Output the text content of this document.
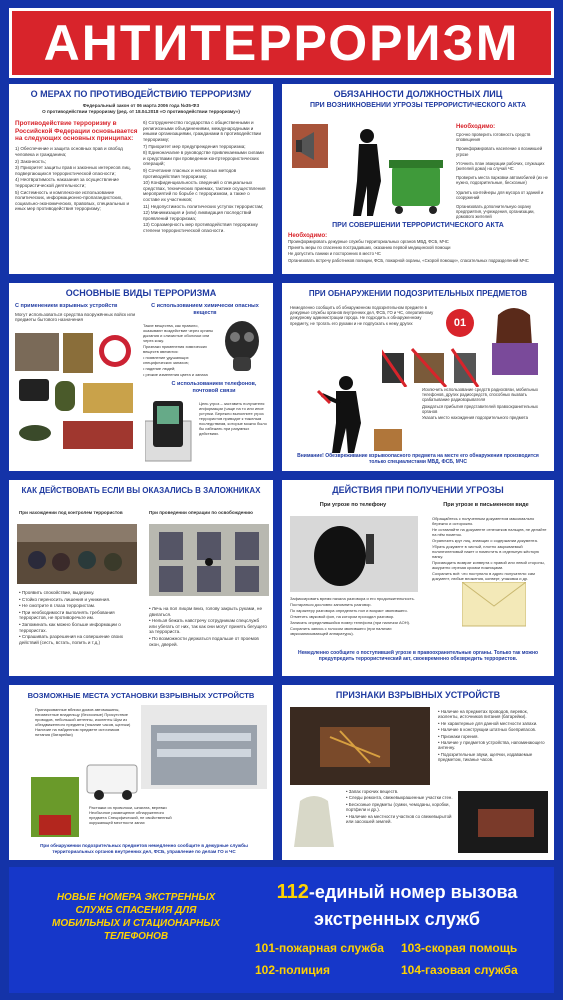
АНТИТЕРРОРИЗМ
О МЕРАХ ПО ПРОТИВОДЕЙСТВИЮ ТЕРРОРИЗМУ
Федеральный закон от 06 марта 2006 года №35-ФЗ
О противодействии терроризму (ред. от 18.04.2018 «О противодействии терроризму»)
Противодействие терроризму в Российской Федерации основывается на следующих основных принципах:

1) Обеспечение и защита основных прав и свобод человека и гражданина;

2) Законность;

3) Приоритет защиты прав и законных интересов лиц, подвергающихся террористической опасности;

4) Неотвратимость наказания за осуществление террористической деятельности;

5) Системность и комплексное использование политических, информационно-пропагандистских, социально-экономических, правовых, специальных и иных мер противодействия терроризму;

6) Сотрудничество государства с общественными и религиозными объединениями, международными и иными организациями, гражданами в противодействии терроризму;

7) Приоритет мер предупреждения терроризма;

8) Единоначалие в руководстве привлекаемыми силами и средствами при проведении контртеррористических операций;

9) Сочетание гласных и негласных методов противодействия терроризму;

10) Конфиденциальность сведений о специальных средствах, технических приемах, тактике осуществления мероприятий по борьбе с терроризмом, а также о составе их участников;

11) Недопустимость политических уступок террористам;

12) Минимизация и (или) ликвидация последствий проявлений терроризма;

13) Соразмерность мер противодействия терроризму степени террористической опасности.

ОБЯЗАННОСТИ ДОЛЖНОСТНЫХ ЛИЦ
ПРИ ВОЗНИКНОВЕНИИ УГРОЗЫ ТЕРРОРИСТИЧЕСКОГО АКТА
Необходимо:

Срочно проверить готовность средств оповещения

Проинформировать население о возникшей угрозе

Уточнить план эвакуации рабочих, служащих (жителей дома) на случай ЧС

Проверить места парковки автомобилей (их не нужно, подозрительные, бесхозные)

Удалить контейнеры для мусора от зданий и сооружений

Организовать дополнительную охрану предприятия, учреждения, организации, домового жителей

ПРИ СОВЕРШЕНИИ ТЕРРОРИСТИЧЕСКОГО АКТА
Необходимо:

Проинформировать дежурные службы территориальных органов МВД, ФСБ, МЧС

Принять меры по спасению пострадавших, оказанию первой медицинской помощи

Не допустить паники и посторонних в место ЧС

Организовать встречу работников полиции, ФСБ, пожарной охраны, «Скорой помощи», спасательных подразделений МЧС

ОСНОВНЫЕ ВИДЫ ТЕРРОРИЗМА
С применением взрывных устройств
Могут использоваться средства вооружённых войск или предметы бытового назначения
С использованием химически опасных веществ

Такие вещества, как правило, оказывают воздействие через органы дыхания и слизистые оболочки или через кожу.

Признаки применения химических веществ являются:

• появление удушающих специфических запахов;

• падение людей;

• резкие изменения цвета и запаха

С использованием телефонов, почтовой связи
Цель угроз – заставить получателя информации (чаще на то или иное уступки. Бережно выполните угроз террористов приводят к тяжелым последствиям, которые можно было бы избежать при разумных действиях.
ПРИ ОБНАРУЖЕНИИ ПОДОЗРИТЕЛЬНЫХ ПРЕДМЕТОВ
Немедленно сообщить об обнаруженном подозрительном предмете в дежурные службы органов внутренних дел, ФСБ, ГО и ЧС, оперативному дежурному администрации города. Не подходить к обнаруженному предмету, не трогать его руками и не подпускать к нему других	01

Исключить использование средств радиосвязи, мобильных телефонов, других радиосредств, способных вызвать срабатывание радиовзрывателя

Дождаться прибытия представителей правоохранительных органов

Указать место нахождения подозрительного предмета

Внимание! Обезвреживание взрывоопасного предмета на месте его обнаружения производится только специалистами МВД, ФСБ, МЧС
КАК ДЕЙСТВОВАТЬ ЕСЛИ ВЫ ОКАЗАЛИСЬ В ЗАЛОЖНИКАХ
При нахождении под контролем террористов	При проведении операции по освобождению

• Проявить спокойствие, выдержку.

• Стойко переносить лишения и унижения.

• Не смотрите в глаза террористам.

• При необходимости выполнять требования террористов, не противоречьте им.

• Запоминать как можно больше информации о террористах.

• Спрашивать разрешения на совершение своих действий (сесть, встать, попить и т.д.)

• Лечь на пол лицом вниз, голову закрыть руками, не двигаться.

• Нельзя бежать навстречу сотрудникам спецслужб или убегать от них, так как они могут принять бегущего за террориста.

• По возможности держаться подальше от проемов окон, дверей.

ДЕЙСТВИЯ ПРИ ПОЛУЧЕНИИ УГРОЗЫ
При угрозе по телефону	При угрозе в письменном виде

Обращайтесь с полученным документом максимально бережно и осторожно.

Не оставляйте на документе отпечатков пальцев, не делайте на нём пометок.

Ограничить круг лиц, знающих о содержании документа.

Убрать документ в чистый, плотно закрываемый полиэтиленовый пакет и поместить в отдельную жёсткую папку.

Производить возврат конверта с правой или левой стороны, аккуратно отрезая кромки ножницами.

Сохранить всё: что поступило в адрес получателя: сам документ, любые вложения, конверт, упаковка и др.

Зафиксировать время начала разговора и его продолжительность.

Постараться дословно запомнить разговор.

По характеру разговора определить пол и возраст звонившего.

Отметить звуковой фон, на котором проходил разговор.

Записать определившийся номер телефона (при наличии АОН).

Сохранить запись с голосом звонившего (при наличии звукозаписывающей аппаратуры).

Немедленно сообщите о поступившей угрозе в правоохранительные органы. Только так можно предупредить террористический акт, своевременно обезвредить террористов.
ВОЗМОЖНЫЕ МЕСТА УСТАНОВКИ ВЗРЫВНЫХ УСТРОЙСТВ
Припаркованные вблизи домов автомашины, неизвестные владельцу (бесхозные) Присутствие проводов, небольшой антенны, изоленты Шум из обездвиженного предмета (тикание часов, щелчки) Наличие на найденном предмете источников питания (батарейки)
Растяжки из проволоки, шпагата, веревки Необычное размещение обнаруженного предмета Специфический, не свойственный окружающей местности запах
При обнаружении подозрительных предметов немедленно сообщите в дежурные службы территориальных органов внутренних дел, ФСБ, управление по делам ГО и ЧС
ПРИЗНАКИ ВЗРЫВНЫХ УСТРОЙСТВ

• Наличие на предметах проводов, веревок, изоленты, источников питания (батарейки).

• Не характерные для данной местности запахи.

• Наличие в конструкции штатных боеприпасов.

• Признаки горения.

• Наличие у предметов устройства, напоминающего антенну.

• Подозрительные звуки, щелчки, издаваемые предметом, тиканье часов.

• Запах горючих веществ.

• Следы ремонта, свежевыкрашенные участки стен.

• Бесхозные предметы (сумки, чемоданы, коробки, портфели и др.).

• Наличие на местности участков со свежевырытой или засохшей землей.

НОВЫЕ НОМЕРА ЭКСТРЕННЫХ СЛУЖБ СПАСЕНИЯ ДЛЯ МОБИЛЬНЫХ И СТАЦИОНАРНЫХ ТЕЛЕФОНОВ
112-единый номер вызова
экстренных служб
101-пожарная служба 103-скорая помощь
102-полиция	104-газовая служба
